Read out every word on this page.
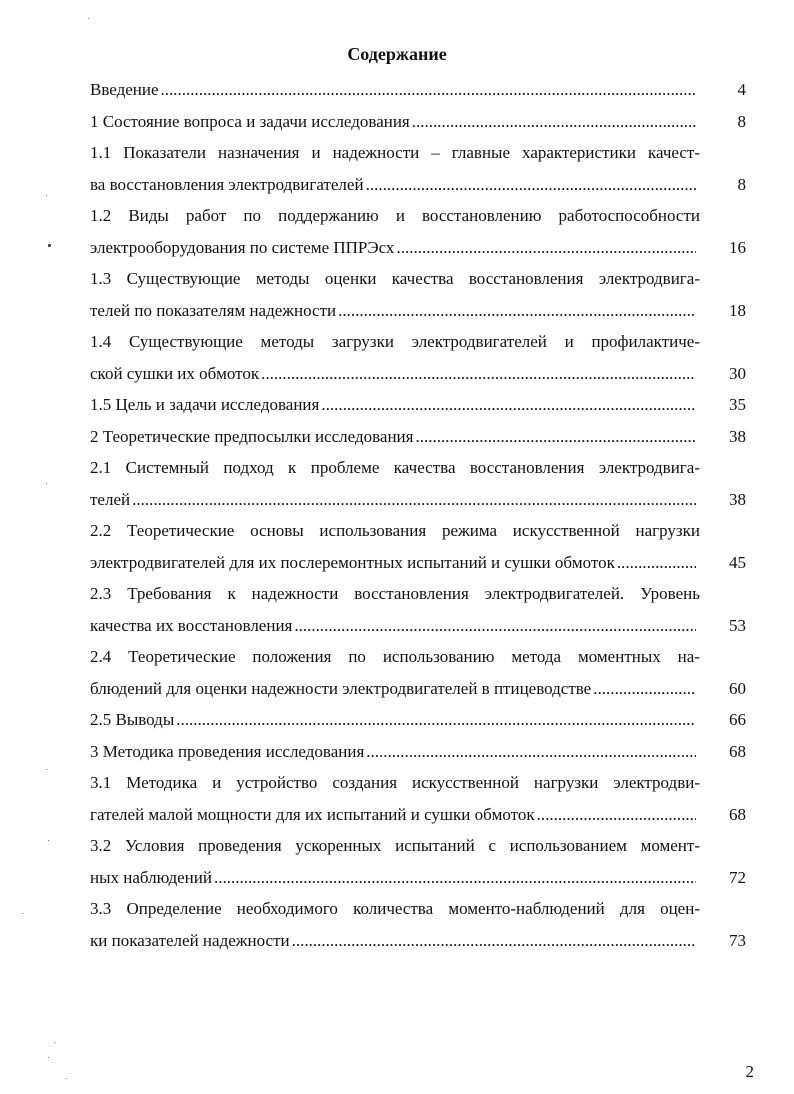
Содержание
Введение .....	4
1 Состояние вопроса и задачи исследования .....	8
1.1 Показатели назначения и надежности – главные характеристики качест-
ва восстановления электродвигателей .....	8
1.2 Виды работ по поддержанию и восстановлению работоспособности
электрооборудования по системе ППРЭсх .....	16
1.3 Существующие методы оценки качества восстановления электродвига-
телей по показателям надежности .....	18
1.4 Существующие методы загрузки электродвигателей и профилактиче-
ской сушки их обмоток .....	30
1.5 Цель и задачи исследования .....	35
2 Теоретические предпосылки исследования .....	38
2.1 Системный подход к проблеме качества восстановления электродвига-
телей .....	38
2.2 Теоретические основы использования режима искусственной нагрузки
электродвигателей для их послеремонтных испытаний и сушки обмоток .....	45
2.3 Требования к надежности восстановления электродвигателей. Уровень
качества их восстановления .....	53
2.4 Теоретические положения по использованию метода моментных на-
блюдений для оценки надежности электродвигателей в птицеводстве .....	60
2.5 Выводы .....	66
3 Методика проведения исследования .....	68
3.1 Методика и устройство создания искусственной нагрузки электродви-
гателей малой мощности для их испытаний и сушки обмоток .....	68
3.2 Условия проведения ускоренных испытаний с использованием момент-
ных наблюдений .....	72
3.3 Определение необходимого количества моменто-наблюдений для оцен-
ки показателей надежности .....	73
2
